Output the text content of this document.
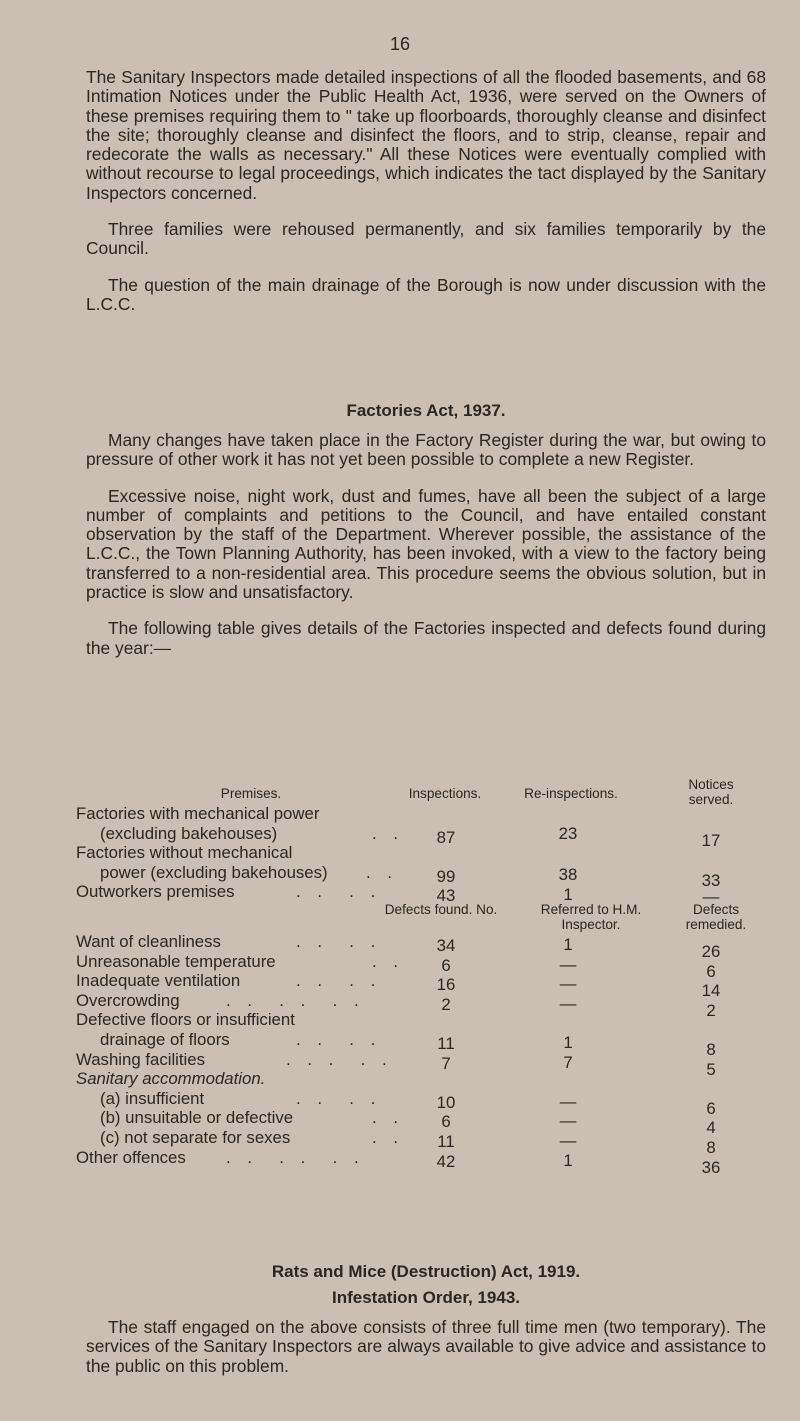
16

The Sanitary Inspectors made detailed inspections of all the flooded basements, and 68 Intimation Notices under the Public Health Act, 1936, were served on the Owners of these premises requiring them to " take up floorboards, thoroughly cleanse and disinfect the site; thoroughly cleanse and disinfect the floors, and to strip, cleanse, repair and redecorate the walls as necessary." All these Notices were eventually complied with without recourse to legal proceedings, which indicates the tact displayed by the Sanitary Inspectors concerned.

Three families were rehoused permanently, and six families temporarily by the Council.

The question of the main drainage of the Borough is now under discussion with the L.C.C.

Factories Act, 1937.

Many changes have taken place in the Factory Register during the war, but owing to pressure of other work it has not yet been possible to complete a new Register.

Excessive noise, night work, dust and fumes, have all been the subject of a large number of complaints and petitions to the Council, and have entailed constant observation by the staff of the Department. Wherever possible, the assistance of the L.C.C., the Town Planning Authority, has been invoked, with a view to the factory being transferred to a non-residential area. This procedure seems the obvious solution, but in practice is slow and unsatisfactory.

The following table gives details of the Factories inspected and defects found during the year:—

Premises.	Inspections.	Re-inspections.
Notices served.
Factories with mechanical power
(excluding bakehouses)	. .	87	23	17
Factories without mechanical
power (excluding bakehouses) . .	99	38	33
Outworkers premises	. .  . .	43	1	—
Defects found. No.	Referred to H.M. Inspector.
Defects remedied.
Want of cleanliness	. .  . .	34	1	26
Unreasonable temperature	. .	6	—	6
Inadequate ventilation	. .  . .	16	—	14
Overcrowding	. .  . .  . .	2	—	2
Defective floors or insufficient
drainage of floors	. .  . .	11	1	8
Washing facilities	. . .  . .	7	7	5
Sanitary accommodation.
(a) insufficient	. .  . .	10	—	6
(b) unsuitable or defective	. .	6	—	4
(c) not separate for sexes	. .	11	—	8
Other offences . .  . .  . .	42	1	36
Rats and Mice (Destruction) Act, 1919.
Infestation Order, 1943.

The staff engaged on the above consists of three full time men (two temporary). The services of the Sanitary Inspectors are always available to give advice and assistance to the public on this problem.
